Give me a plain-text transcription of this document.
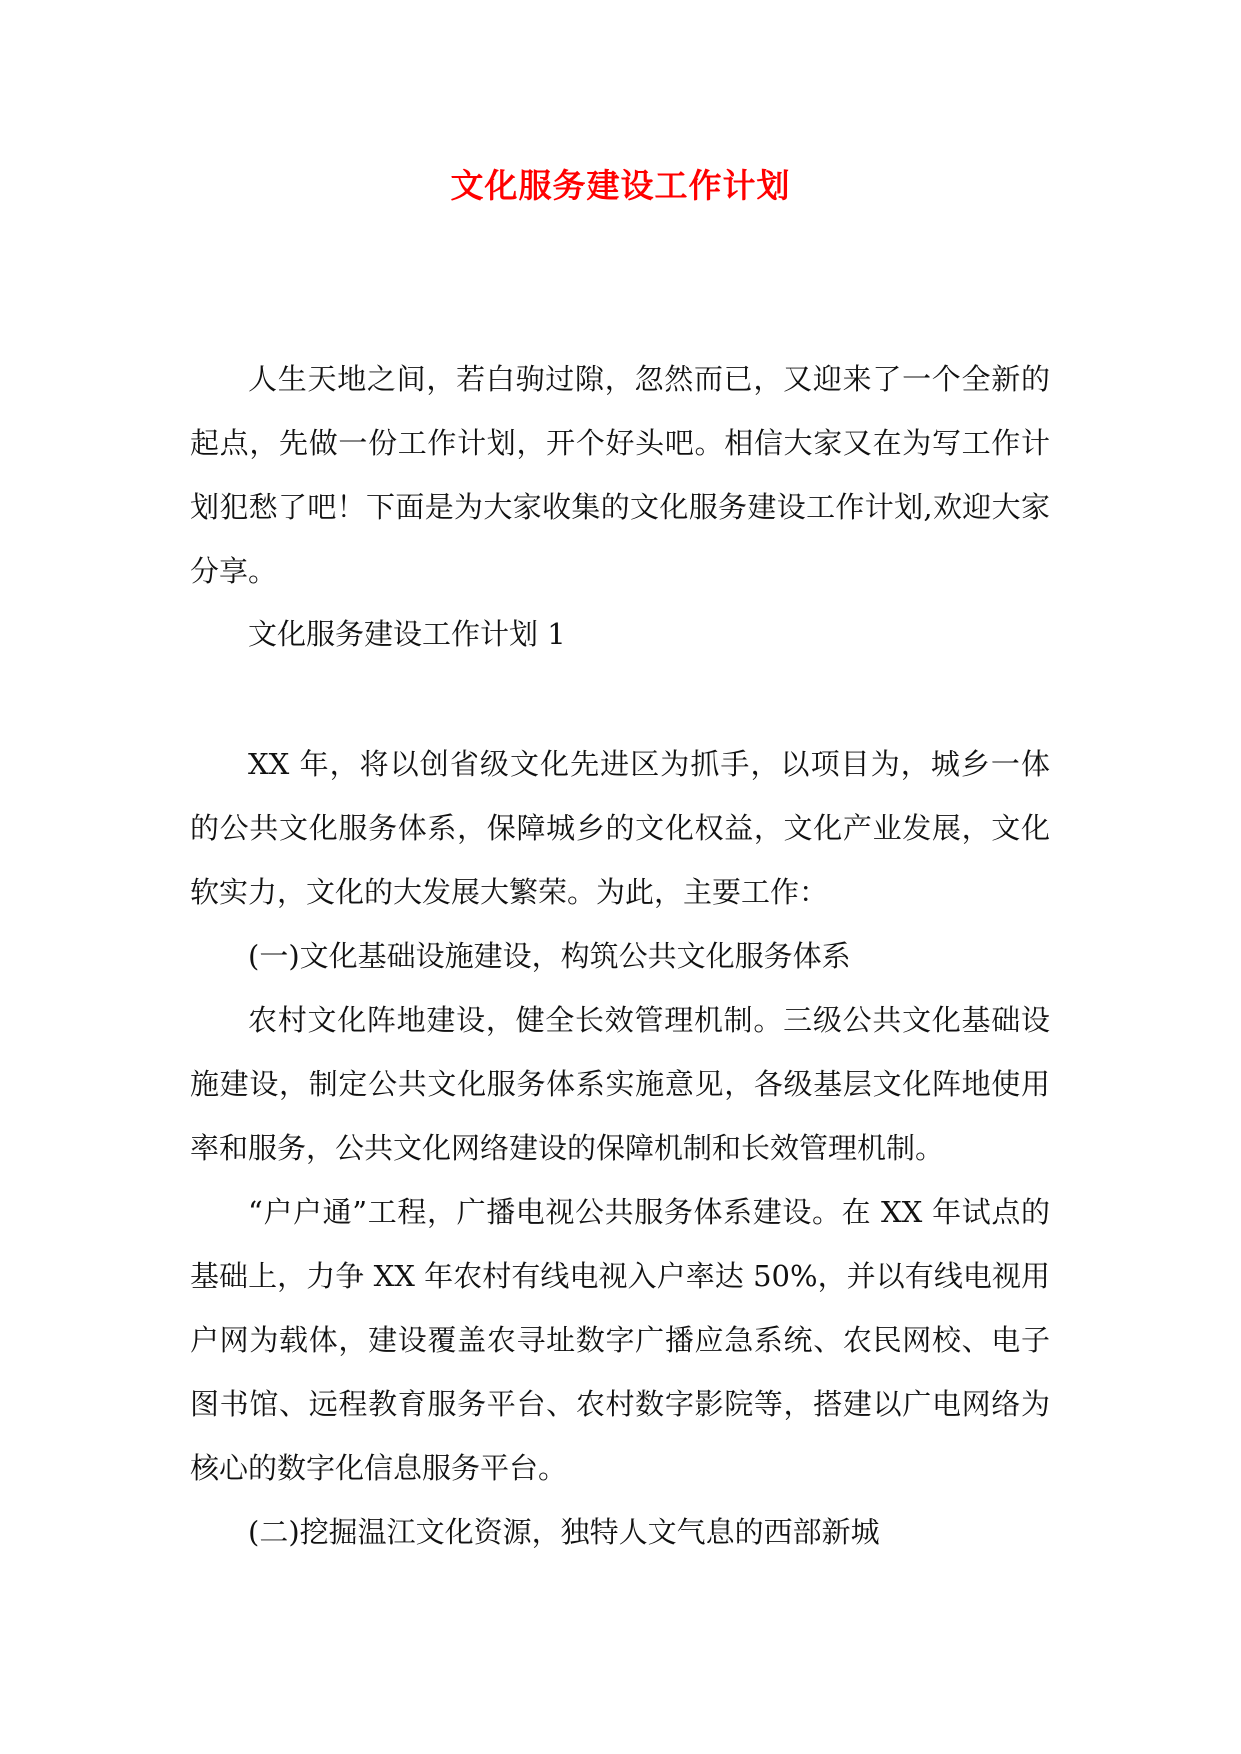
文化服务建设工作计划

人生天地之间，若白驹过隙，忽然而已，又迎来了一个全新的起点，先做一份工作计划，开个好头吧。相信大家又在为写工作计划犯愁了吧！下面是为大家收集的文化服务建设工作计划,欢迎大家分享。

文化服务建设工作计划 1

XX 年，将以创省级文化先进区为抓手，以项目为，城乡一体的公共文化服务体系，保障城乡的文化权益，文化产业发展，文化软实力，文化的大发展大繁荣。为此，主要工作：

(一)文化基础设施建设，构筑公共文化服务体系

农村文化阵地建设，健全长效管理机制。三级公共文化基础设施建设，制定公共文化服务体系实施意见，各级基层文化阵地使用率和服务，公共文化网络建设的保障机制和长效管理机制。

“户户通”工程，广播电视公共服务体系建设。在 XX 年试点的基础上，力争 XX 年农村有线电视入户率达 50%，并以有线电视用户网为载体，建设覆盖农寻址数字广播应急系统、农民网校、电子图书馆、远程教育服务平台、农村数字影院等，搭建以广电网络为核心的数字化信息服务平台。

(二)挖掘温江文化资源，独特人文气息的西部新城
